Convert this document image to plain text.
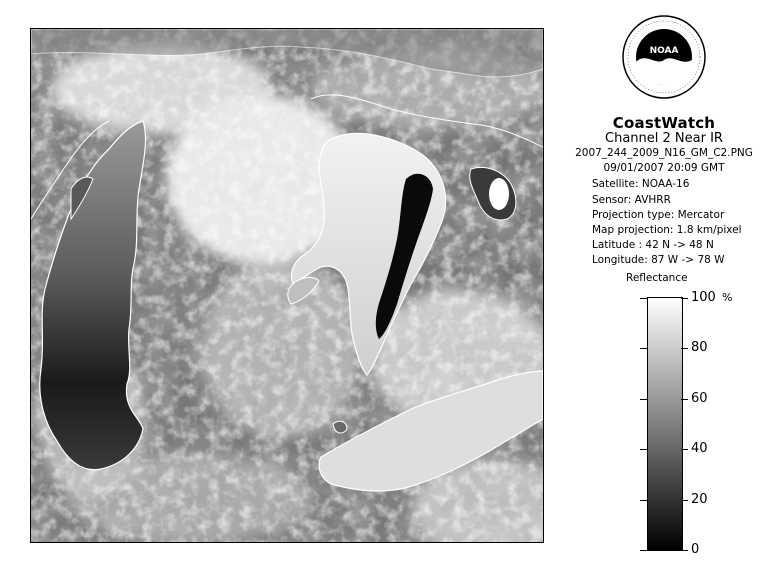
NOAA
CoastWatch
Channel 2 Near IR
2007_244_2009_N16_GM_C2.PNG
09/01/2007 20:09 GMT
Satellite: NOAA-16
Sensor: AVHRR
Projection type: Mercator
Map projection: 1.8 km/pixel
Latitude : 42 N -> 48 N
Longitude: 87 W -> 78 W
Reflectance
%
100
80
60
40
20
0
